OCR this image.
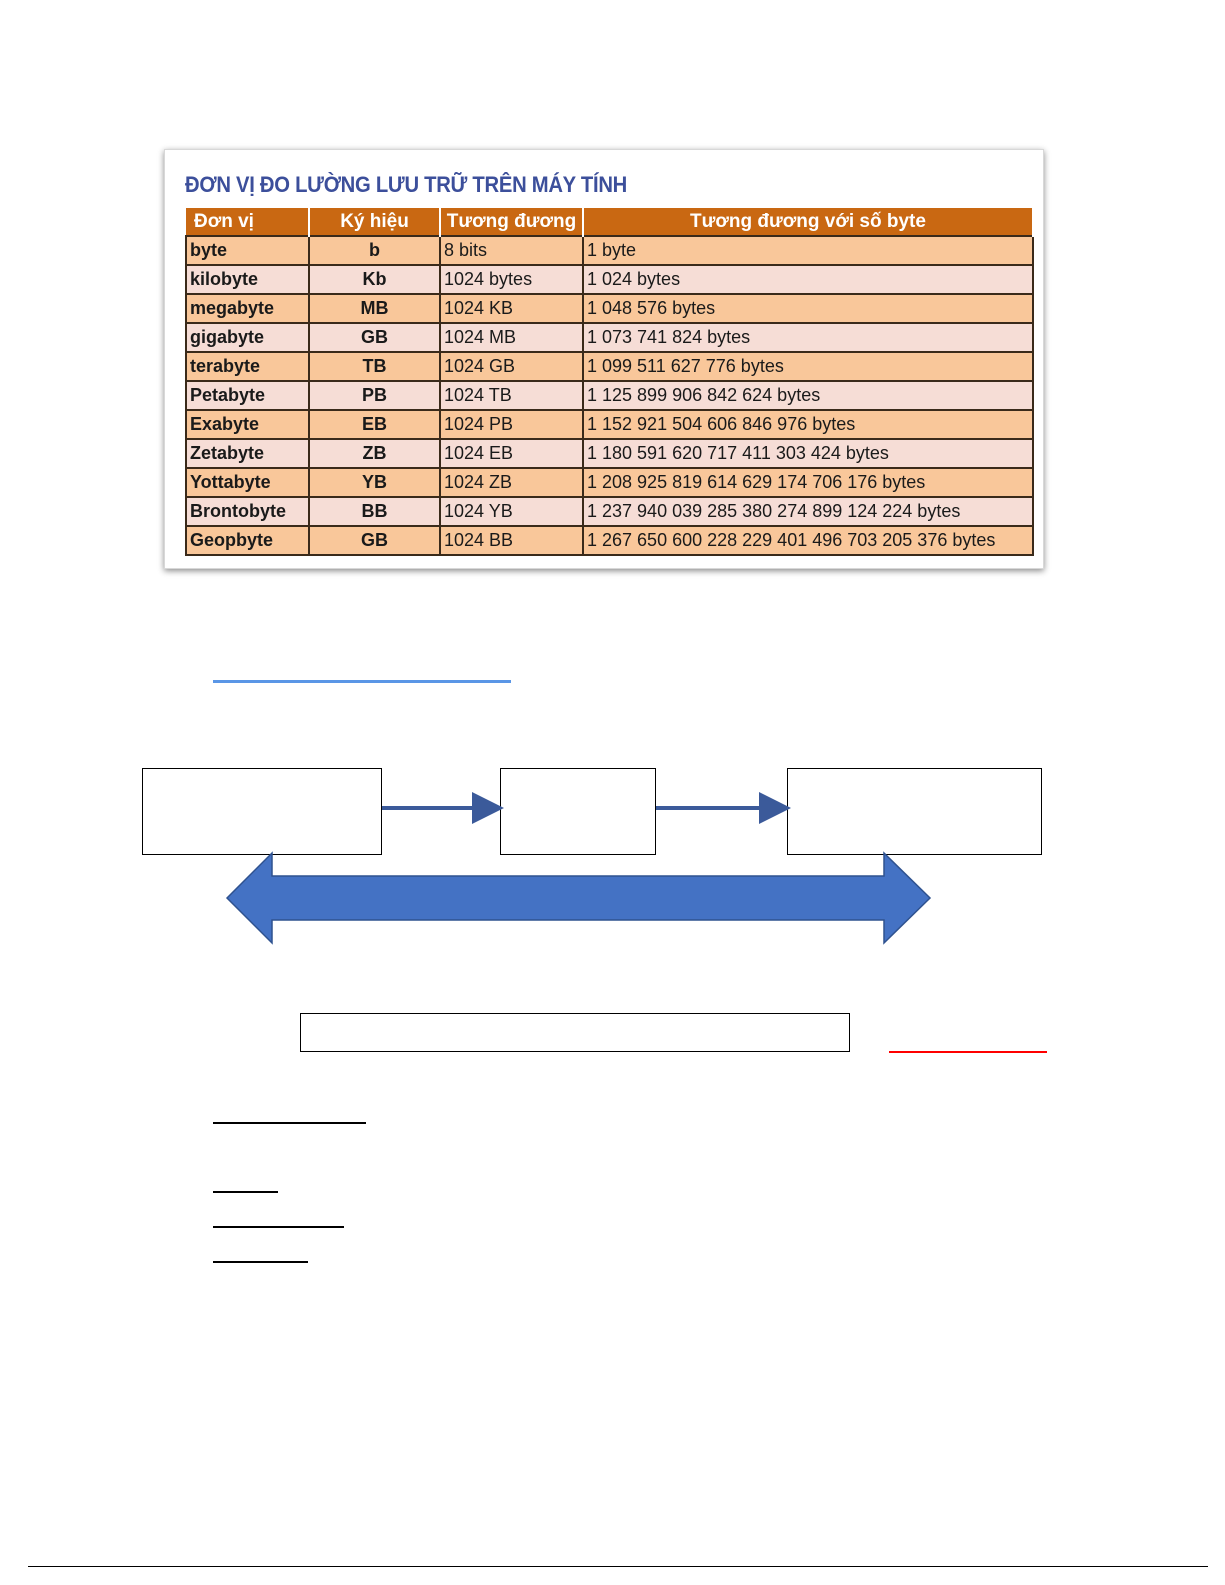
ĐƠN VỊ ĐO LƯỜNG LƯU TRỮ TRÊN MÁY TÍNH
Đơn vị	Ký hiệu	Tương đương	Tương đương với số byte
byte	b	8 bits	1 byte
kilobyte	Kb	1024 bytes	1 024 bytes
megabyte	MB	1024 KB	1 048 576 bytes
gigabyte	GB	1024 MB	1 073 741 824 bytes
terabyte	TB	1024 GB	1 099 511 627 776 bytes
Petabyte	PB	1024 TB	1 125 899 906 842 624 bytes
Exabyte	EB	1024 PB	1 152 921 504 606 846 976 bytes
Zetabyte	ZB	1024 EB	1 180 591 620 717 411 303 424 bytes
Yottabyte	YB	1024 ZB	1 208 925 819 614 629 174 706 176 bytes
Brontobyte	BB	1024 YB	1 237 940 039 285 380 274 899 124 224 bytes
Geopbyte	GB	1024 BB	1 267 650 600 228 229 401 496 703 205 376 bytes
